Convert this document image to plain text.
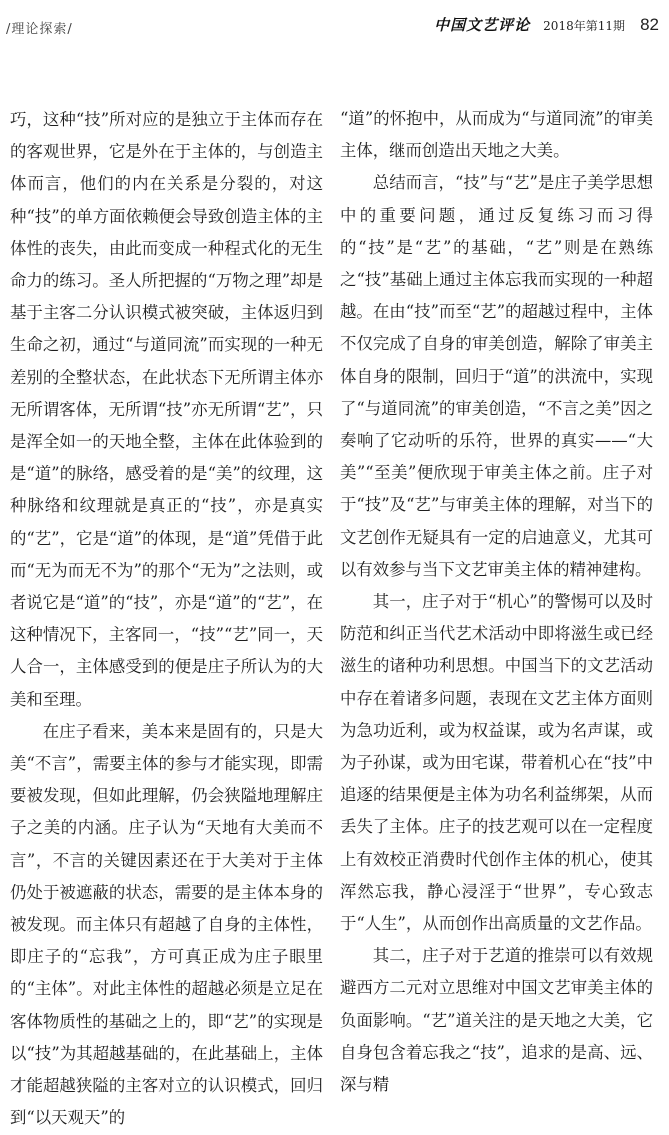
/理论探索/	中国文艺评论 2018年第11期 82

巧，这种“技”所对应的是独立于主体而存在的客观世界，它是外在于主体的，与创造主体而言，他们的内在关系是分裂的，对这种“技”的单方面依赖便会导致创造主体的主体性的丧失，由此而变成一种程式化的无生命力的练习。圣人所把握的“万物之理”却是基于主客二分认识模式被突破，主体返归到生命之初，通过“与道同流”而实现的一种无差别的全整状态，在此状态下无所谓主体亦无所谓客体，无所谓“技”亦无所谓“艺”，只是浑全如一的天地全整，主体在此体验到的是“道”的脉络，感受着的是“美”的纹理，这种脉络和纹理就是真正的“技”，亦是真实的“艺”，它是“道”的体现，是“道”凭借于此而“无为而无不为”的那个“无为”之法则，或者说它是“道”的“技”，亦是“道”的“艺”，在这种情况下，主客同一，“技”“艺”同一，天人合一，主体感受到的便是庄子所认为的大美和至理。

在庄子看来，美本来是固有的，只是大美“不言”，需要主体的参与才能实现，即需要被发现，但如此理解，仍会狭隘地理解庄子之美的内涵。庄子认为“天地有大美而不言”，不言的关键因素还在于大美对于主体仍处于被遮蔽的状态，需要的是主体本身的被发现。而主体只有超越了自身的主体性，即庄子的“忘我”，方可真正成为庄子眼里的“主体”。对此主体性的超越必须是立足在客体物质性的基础之上的，即“艺”的实现是以“技”为其超越基础的，在此基础上，主体才能超越狭隘的主客对立的认识模式，回归到“以天观天”的

“道”的怀抱中，从而成为“与道同流”的审美主体，继而创造出天地之大美。

总结而言，“技”与“艺”是庄子美学思想中的重要问题，通过反复练习而习得的“技”是“艺”的基础，“艺”则是在熟练之“技”基础上通过主体忘我而实现的一种超越。在由“技”而至“艺”的超越过程中，主体不仅完成了自身的审美创造，解除了审美主体自身的限制，回归于“道”的洪流中，实现了“与道同流”的审美创造，“不言之美”因之奏响了它动听的乐符，世界的真实——“大美”“至美”便欣现于审美主体之前。庄子对于“技”及“艺”与审美主体的理解，对当下的文艺创作无疑具有一定的启迪意义，尤其可以有效参与当下文艺审美主体的精神建构。

其一，庄子对于“机心”的警惕可以及时防范和纠正当代艺术活动中即将滋生或已经滋生的诸种功利思想。中国当下的文艺活动中存在着诸多问题，表现在文艺主体方面则为急功近利，或为权益谋，或为名声谋，或为子孙谋，或为田宅谋，带着机心在“技”中追逐的结果便是主体为功名利益绑架，从而丢失了主体。庄子的技艺观可以在一定程度上有效校正消费时代创作主体的机心，使其浑然忘我，静心浸淫于“世界”，专心致志于“人生”，从而创作出高质量的文艺作品。

其二，庄子对于艺道的推崇可以有效规避西方二元对立思维对中国文艺审美主体的负面影响。“艺”道关注的是天地之大美，它自身包含着忘我之“技”，追求的是高、远、深与精
